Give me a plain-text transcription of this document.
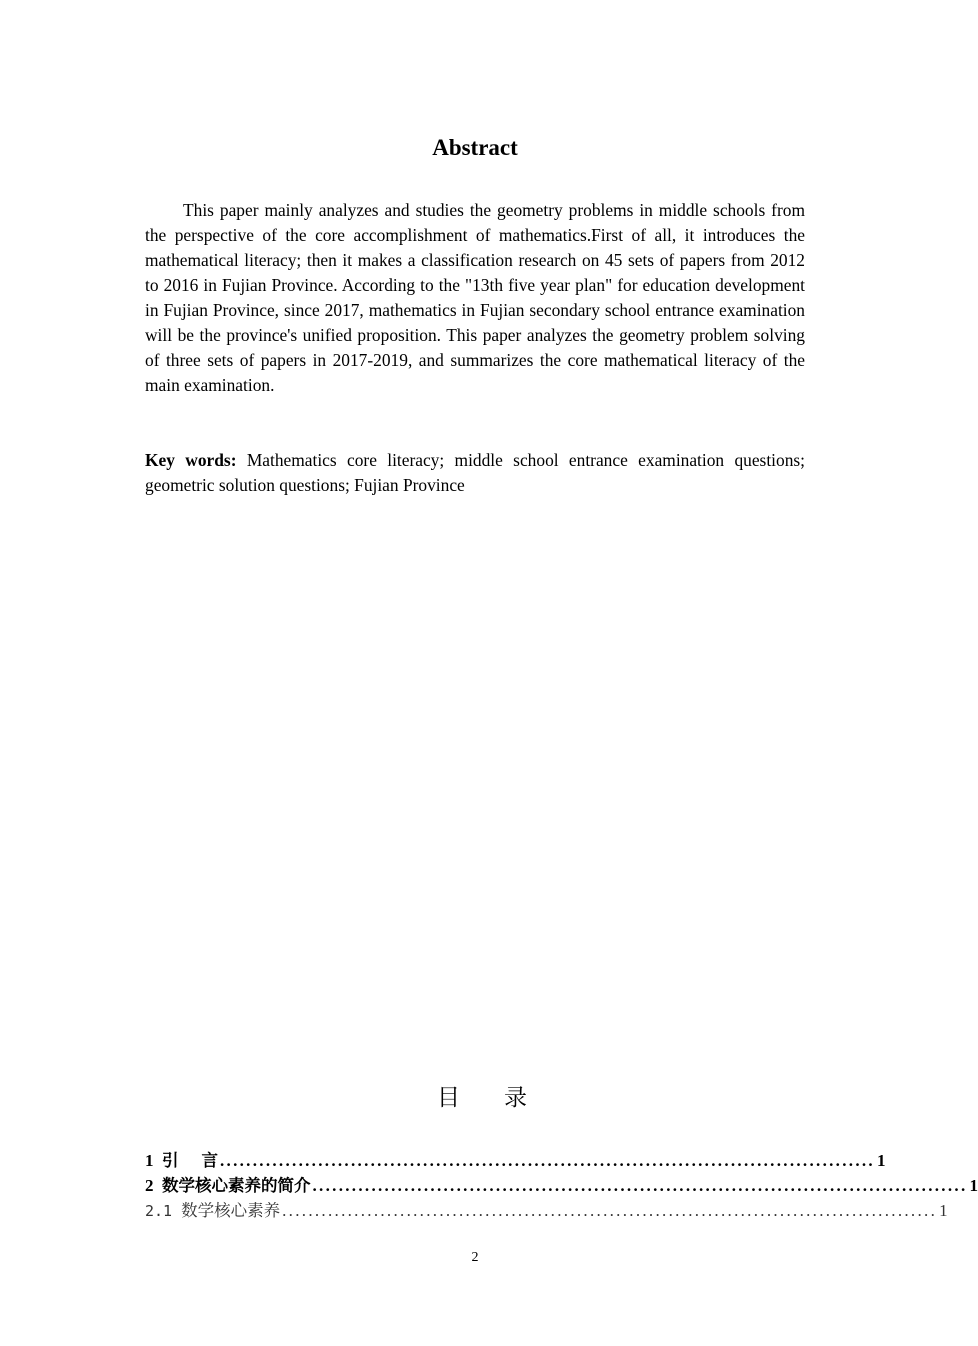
Abstract

This paper mainly analyzes and studies the geometry problems in middle schools from the perspective of the core accomplishment of mathematics.First of all, it introduces the mathematical literacy; then it makes a classification research on 45 sets of papers from 2012 to 2016 in Fujian Province. According to the "13th five year plan" for education development in Fujian Province, since 2017, mathematics in Fujian secondary school entrance examination will be the province's unified proposition. This paper analyzes the geometry problem solving of three sets of papers in 2017-2019, and summarizes the core mathematical literacy of the main examination.

Key words: Mathematics core literacy; middle school entrance examination questions; geometric solution questions; Fujian Province

目录
1 引    言 .................................................................................................... 1
2 数学核心素养的简介 .................................................................................................... 1
2.1 数学核心素养 .................................................................................................... 1
2
